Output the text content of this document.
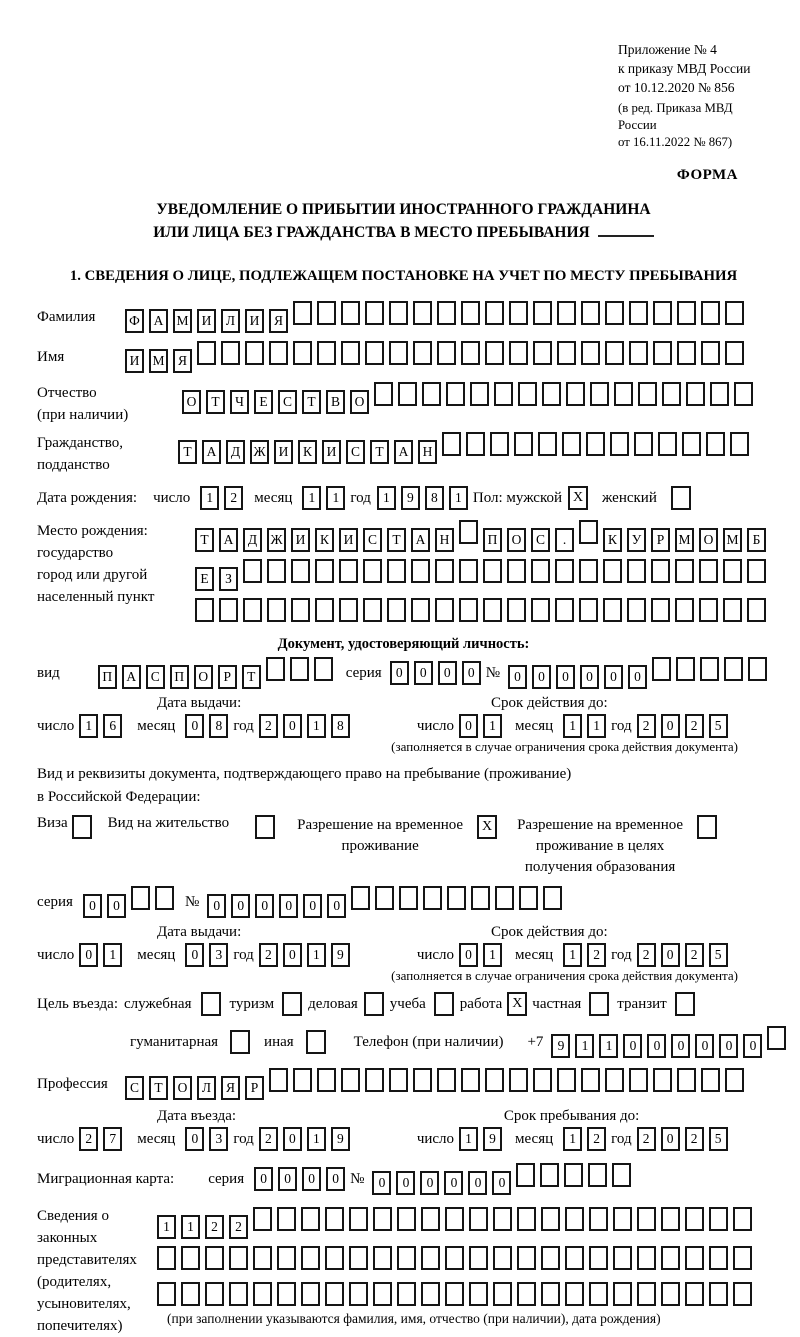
Приложение № 4
к приказу МВД России
от 10.12.2020 № 856
(в ред. Приказа МВД России
от 16.11.2022 № 867)
ФОРМА
УВЕДОМЛЕНИЕ О ПРИБЫТИИ ИНОСТРАННОГО ГРАЖДАНИНА
ИЛИ ЛИЦА БЕЗ ГРАЖДАНСТВА В МЕСТО ПРЕБЫВАНИЯ
1. СВЕДЕНИЯ О ЛИЦЕ, ПОДЛЕЖАЩЕМ ПОСТАНОВКЕ НА УЧЕТ ПО МЕСТУ ПРЕБЫВАНИЯ
Фамилия	Ф А М И Л И Я
Имя	И М Я
Отчество
(при наличии)
О Т Ч Е С Т В О
Гражданство,
подданство
Т А Д Ж И К И С Т А Н
Дата рождения: число	1 2	месяц	1 1 год 1 9 8 1 Пол: мужской X	женский
Место рождения:
государство
город или другой
населенный пункт
Т А Д Ж И К И С Т А Н	П О С .	К У Р М О М Б
Е З
Документ, удостоверяющий личность:
вид	П А С П О Р Т	серия	0 0 0 0 №	0 0 0 0 0 0
Дата выдачи:	Срок действия до:
число 1 6	месяц	0 8 год 2 0 1 8	число 0 1	месяц	1 1 год 2 0 2 5
(заполняется в случае ограничения срока действия документа)
Вид и реквизиты документа, подтверждающего право на пребывание (проживание)
в Российской Федерации:
Виза	Вид на жительство	Разрешение на временное
проживание
X	Разрешение на временное
проживание в целях
получения образования
серия	0 0	№	0 0 0 0 0 0
Дата выдачи:	Срок действия до:
число 0 1	месяц	0 3 год 2 0 1 9	число 0 1	месяц	1 2 год 2 0 2 5
(заполняется в случае ограничения срока действия документа)
Цель въезда: служебная	туризм деловая учеба работа X частная транзит
гуманитарная	иная	Телефон (при наличии) +7	9 1 1 0 0 0 0 0 0
Профессия	С Т О Л Я Р
Дата въезда:	Срок пребывания до:
число 2 7	месяц	0 3 год 2 0 1 9	число 1 9	месяц	1 2 год 2 0 2 5
Миграционная карта: серия	0 0 0 0 №	0 0 0 0 0 0
Сведения о
законных
представителях
(родителях,
усыновителях,
попечителях)
1 1 2 2
(при заполнении указываются фамилия, имя, отчество (при наличии), дата рождения)
